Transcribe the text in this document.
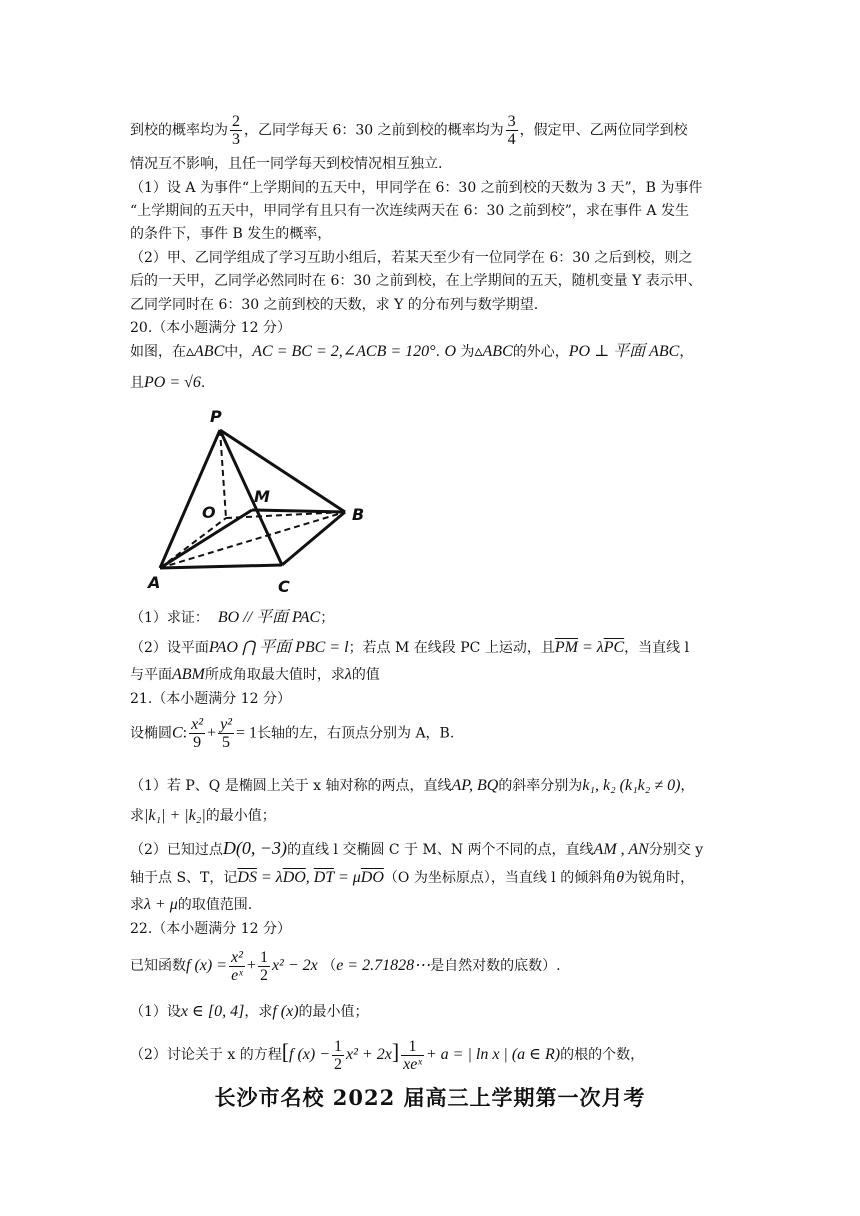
到校的概率均为 $\frac{2}{3}$ ，乙同学每天 6：30 之前到校的概率均为 $\frac{3}{4}$ ，假定甲、乙两位同学到校
情况互不影响，且任一同学每天到校情况相互独立.
（1）设 A 为事件“上学期间的五天中，甲同学在 6：30 之前到校的天数为 3 天”，B 为事件
“上学期间的五天中，甲同学有且只有一次连续两天在 6：30 之前到校”，求在事件 A 发生
的条件下，事件 B 发生的概率，
（2）甲、乙同学组成了学习互助小组后，若某天至少有一位同学在 6：30 之后到校，则之
后的一天甲，乙同学必然同时在 6：30 之前到校，在上学期间的五天，随机变量 Y 表示甲、
乙同学同时在 6：30 之前到校的天数，求 Y 的分布列与数学期望.
20.（本小题满分 12 分）
如图，在▵ABC中，AC = BC = 2,∠ACB = 120°. O 为▵ABC的外心，PO ⊥ 平面 ABC，
且PO = √6.
P
O
M
B
A	C
（1）求证： BO // 平面 PAC；
（2）设平面PAO ⋂ 平面 PBC = l；若点 M 在线段 PC 上运动，且$\overline{PM} = \lambda\overline{PC}$，当直线 l
与平面ABM所成角取最大值时，求λ的值
21.（本小题满分 12 分）
设椭圆C: $\frac{\text{x²}}{9} + \frac{\text{y²}}{5} = 1$长轴的左，右顶点分别为 A，B.
（1）若 P、Q 是椭圆上关于 x 轴对称的两点，直线AP, BQ的斜率分别为k₁, k₂ (k₁k₂ ≠ 0)，
求|k₁| + |k₂|的最小值；
（2）已知过点D(0, −3)的直线 l 交椭圆 C 于 M、N 两个不同的点，直线AM , AN分别交 y
轴于点 S、T，记$\overline{DS} = \lambda\overline{DO}$, $\overline{DT} = \mu\overline{DO}(O$ 为坐标原点），当直线 l 的倾斜角θ为锐角时，
求λ + μ的取值范围.
22.（本小题满分 12 分）
已知函数f $(x) = \frac{\text{x²}}{\text{eˣ}} + \frac{1}{2} x^2 - 2x$ （e = 2.71828⋯是自然对数的底数）.
（1）设x ∈ [0, 4]，求f (x)的最小值；
（2）讨论关于 x 的方程[f $(x) - \frac{1}{2} x^2 + 2x] \frac{1}{\text{xeˣ}} + a$ = | ln x | (a ∈ R)的根的个数，
长沙市名校 2022 届高三上学期第一次月考
